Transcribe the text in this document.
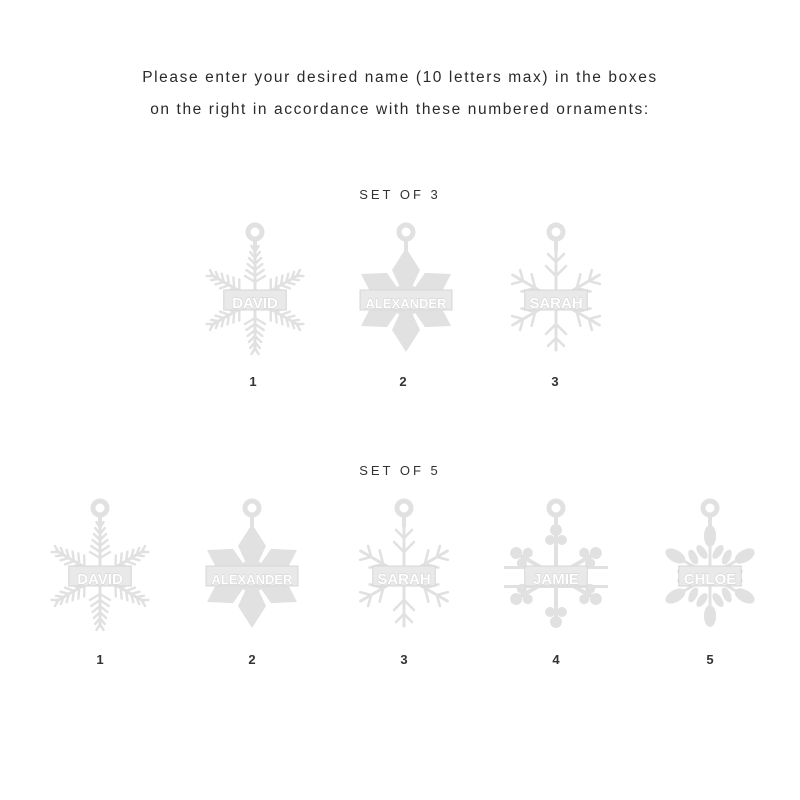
Please enter your desired name (10 letters max) in the boxes
on the right in accordance with these numbered ornaments:
SET OF 3
DAVID
1
ALEXANDER
2
SARAH
3
SET OF 5
DAVID
1
ALEXANDER
2
SARAH
3
JAMIE
4
CHLOE
5
